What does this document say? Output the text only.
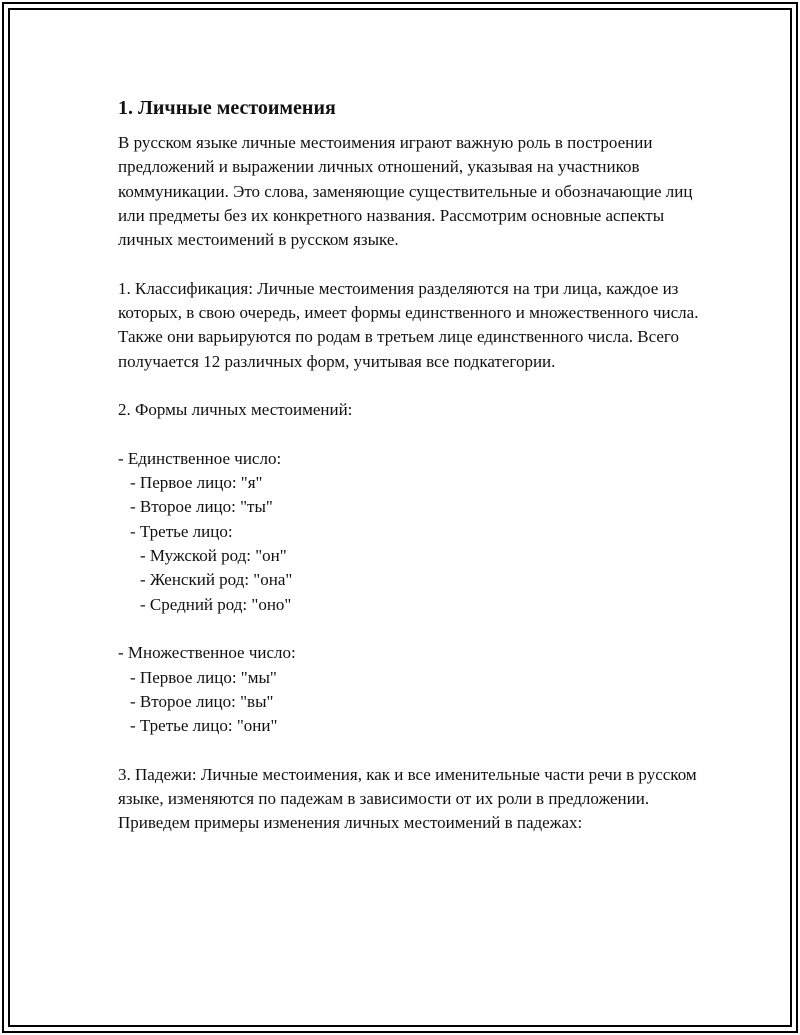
1. Личные местоимения

В русском языке личные местоимения играют важную роль в построении предложений и выражении личных отношений, указывая на участников коммуникации. Это слова, заменяющие существительные и обозначающие лиц или предметы без их конкретного названия. Рассмотрим основные аспекты личных местоимений в русском языке.

1. Классификация: Личные местоимения разделяются на три лица, каждое из которых, в свою очередь, имеет формы единственного и множественного числа. Также они варьируются по родам в третьем лице единственного числа. Всего получается 12 различных форм, учитывая все подкатегории.

2. Формы личных местоимений:

- Единственное число:

- Первое лицо: "я"

- Второе лицо: "ты"

- Третье лицо:

- Мужской род: "он"

- Женский род: "она"

- Средний род: "оно"

- Множественное число:

- Первое лицо: "мы"

- Второе лицо: "вы"

- Третье лицо: "они"

3. Падежи: Личные местоимения, как и все именительные части речи в русском языке, изменяются по падежам в зависимости от их роли в предложении. Приведем примеры изменения личных местоимений в падежах:
